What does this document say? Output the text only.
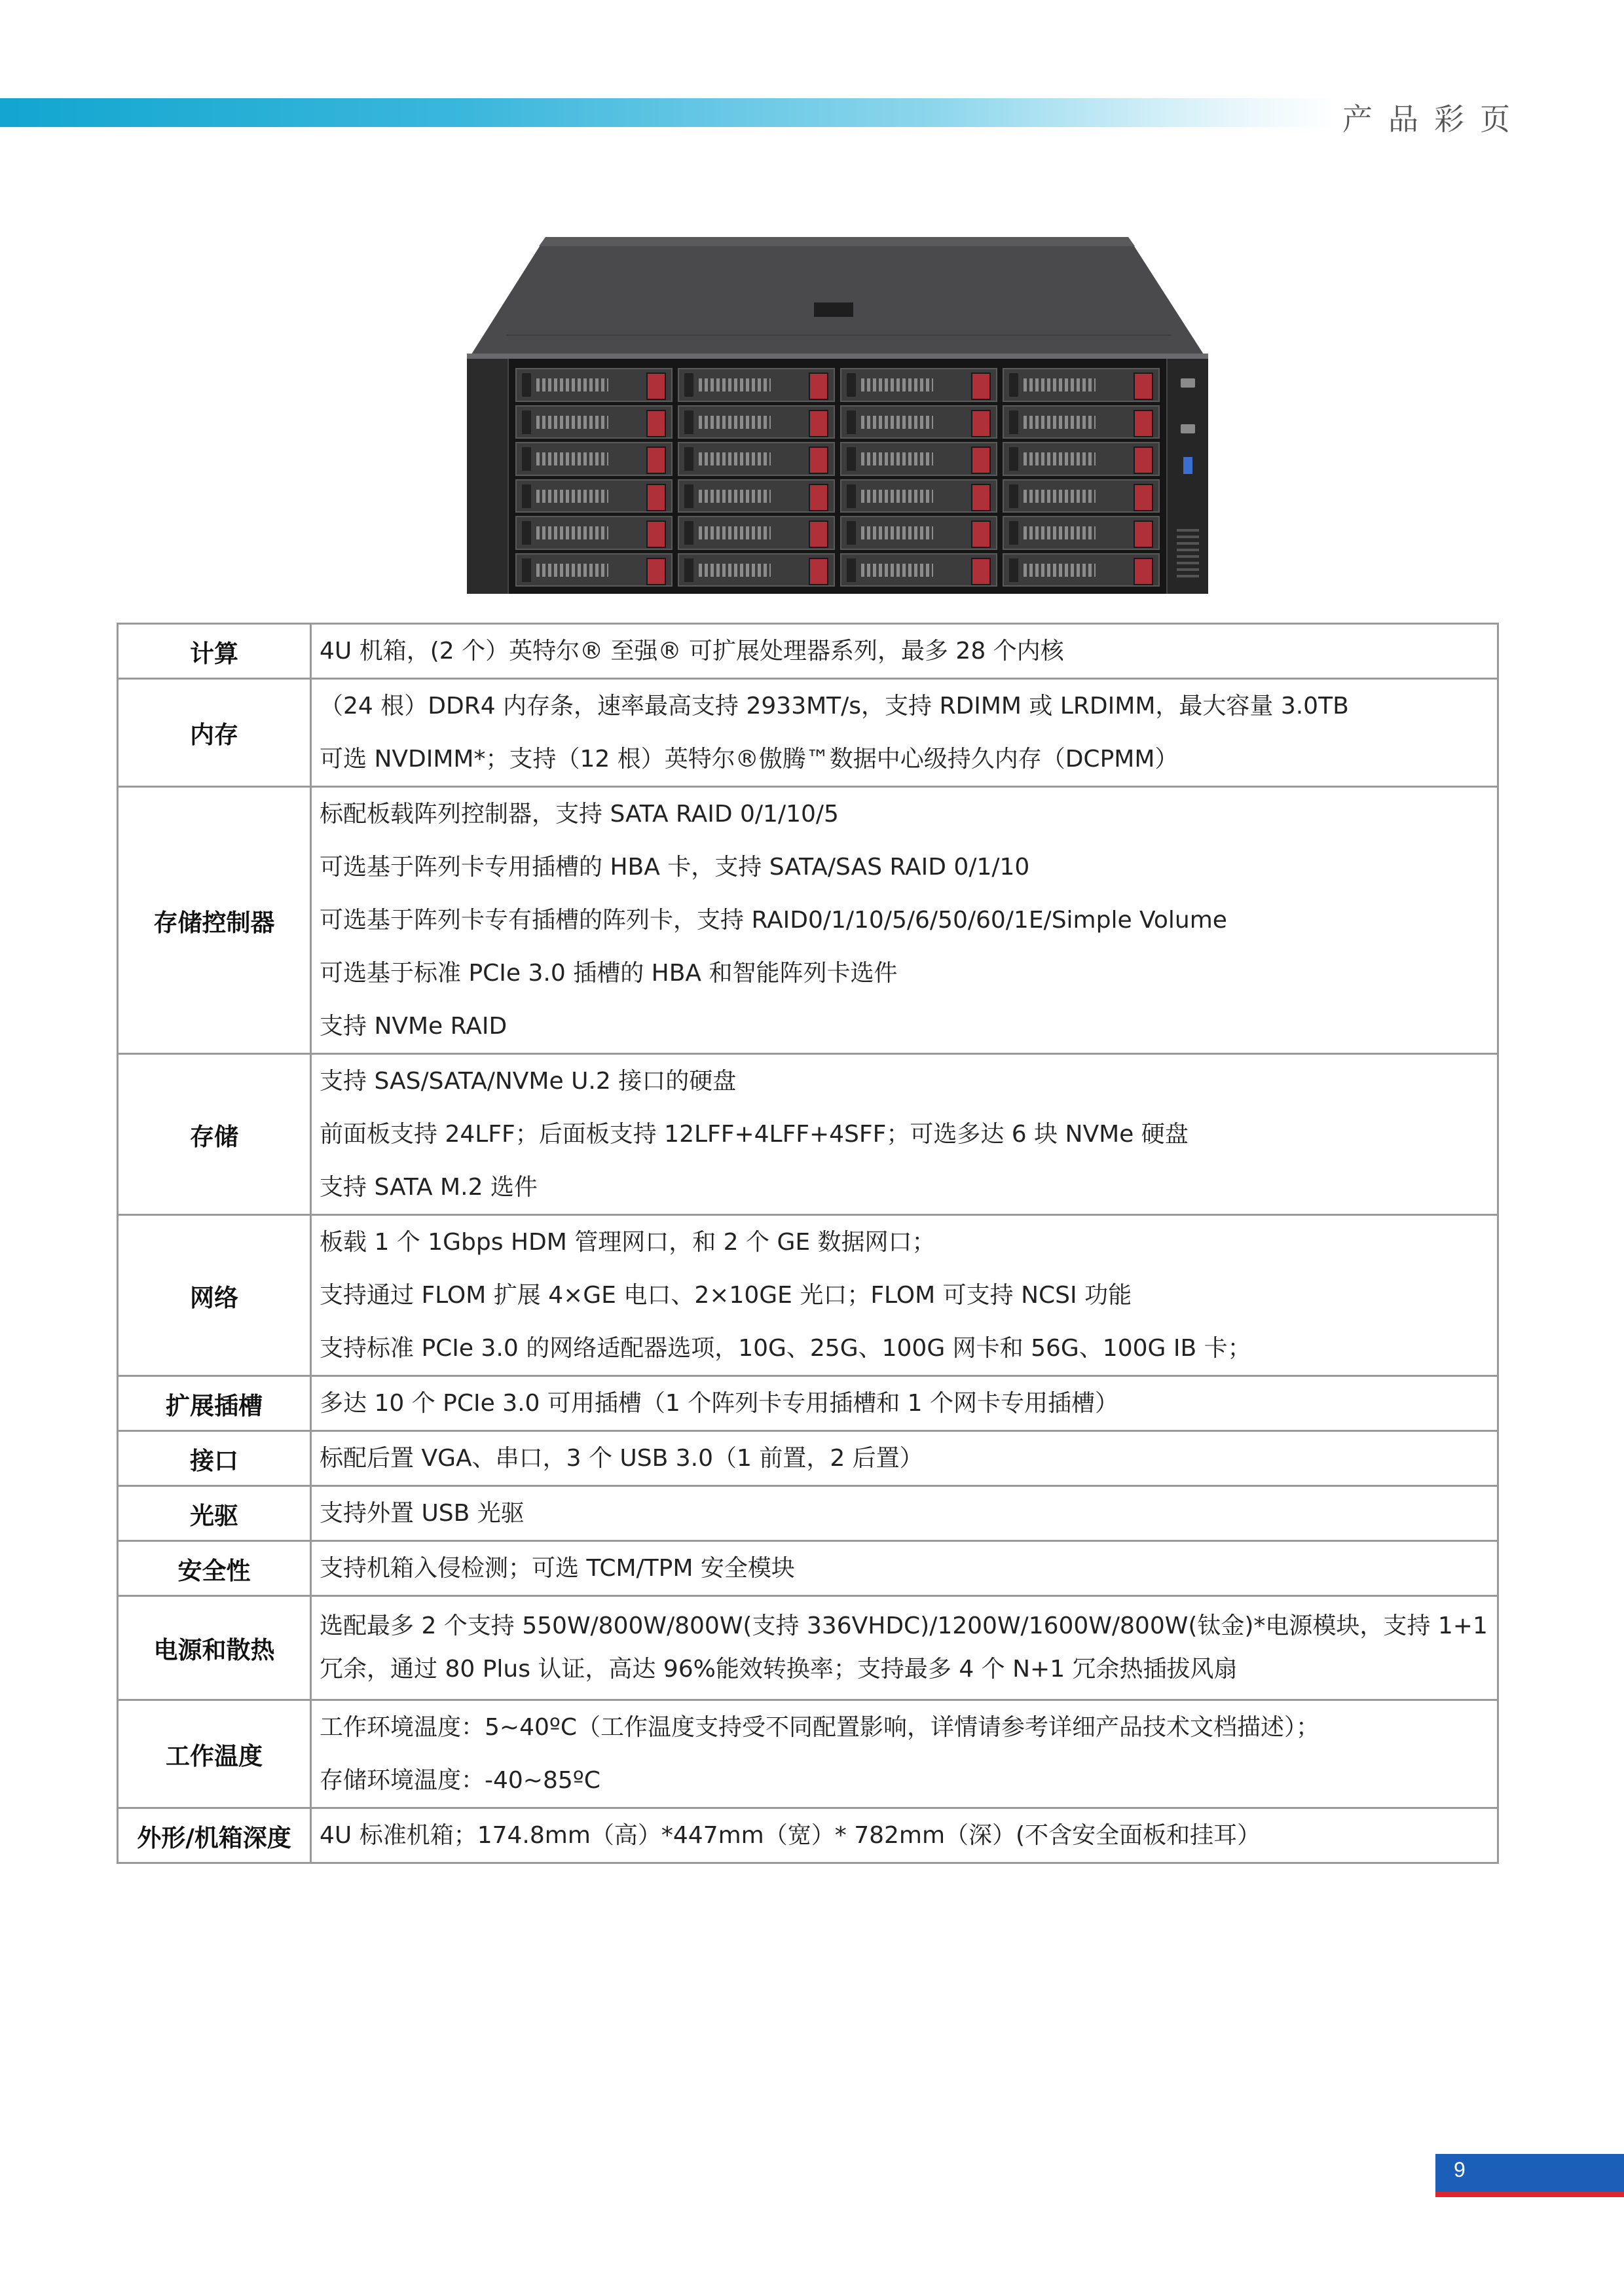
产品彩页
计算	4U 机箱，(2 个）英特尔® 至强® 可扩展处理器系列，最多 28 个内核

内存	（24 根）DDR4 内存条，速率最高支持 2933MT/s，支持 RDIMM 或 LRDIMM，最大容量 3.0TB
可选 NVDIMM*；支持（12 根）英特尔®傲腾™数据中心级持久内存（DCPMM）

存储控制器	标配板载阵列控制器，支持 SATA RAID 0/1/10/5
可选基于阵列卡专用插槽的 HBA 卡，支持 SATA/SAS RAID 0/1/10
可选基于阵列卡专有插槽的阵列卡，支持 RAID0/1/10/5/6/50/60/1E/Simple Volume
可选基于标准 PCIe 3.0 插槽的 HBA 和智能阵列卡选件
支持 NVMe RAID

存储	支持 SAS/SATA/NVMe U.2 接口的硬盘
前面板支持 24LFF；后面板支持 12LFF+4LFF+4SFF；可选多达 6 块 NVMe 硬盘
支持 SATA M.2 选件

网络	板载 1 个 1Gbps HDM 管理网口，和 2 个 GE 数据网口；
支持通过 FLOM 扩展 4×GE 电口、2×10GE 光口；FLOM 可支持 NCSI 功能
支持标准 PCIe 3.0 的网络适配器选项，10G、25G、100G 网卡和 56G、100G IB 卡；

扩展插槽	多达 10 个 PCIe 3.0 可用插槽（1 个阵列卡专用插槽和 1 个网卡专用插槽）

接口	标配后置 VGA、串口，3 个 USB 3.0（1 前置，2 后置）

光驱	支持外置 USB 光驱

安全性	支持机箱入侵检测；可选 TCM/TPM 安全模块

电源和散热	选配最多 2 个支持 550W/800W/800W(支持 336VHDC)/1200W/1600W/800W(钛金)*电源模块，支持 1+1
冗余，通过 80 Plus 认证，高达 96%能效转换率；支持最多 4 个 N+1 冗余热插拔风扇

工作温度	工作环境温度：5~40ºC（工作温度支持受不同配置影响，详情请参考详细产品技术文档描述）；
存储环境温度：-40~85ºC

外形/机箱深度	4U 标准机箱；174.8mm（高）*447mm（宽）* 782mm（深）(不含安全面板和挂耳）
9
